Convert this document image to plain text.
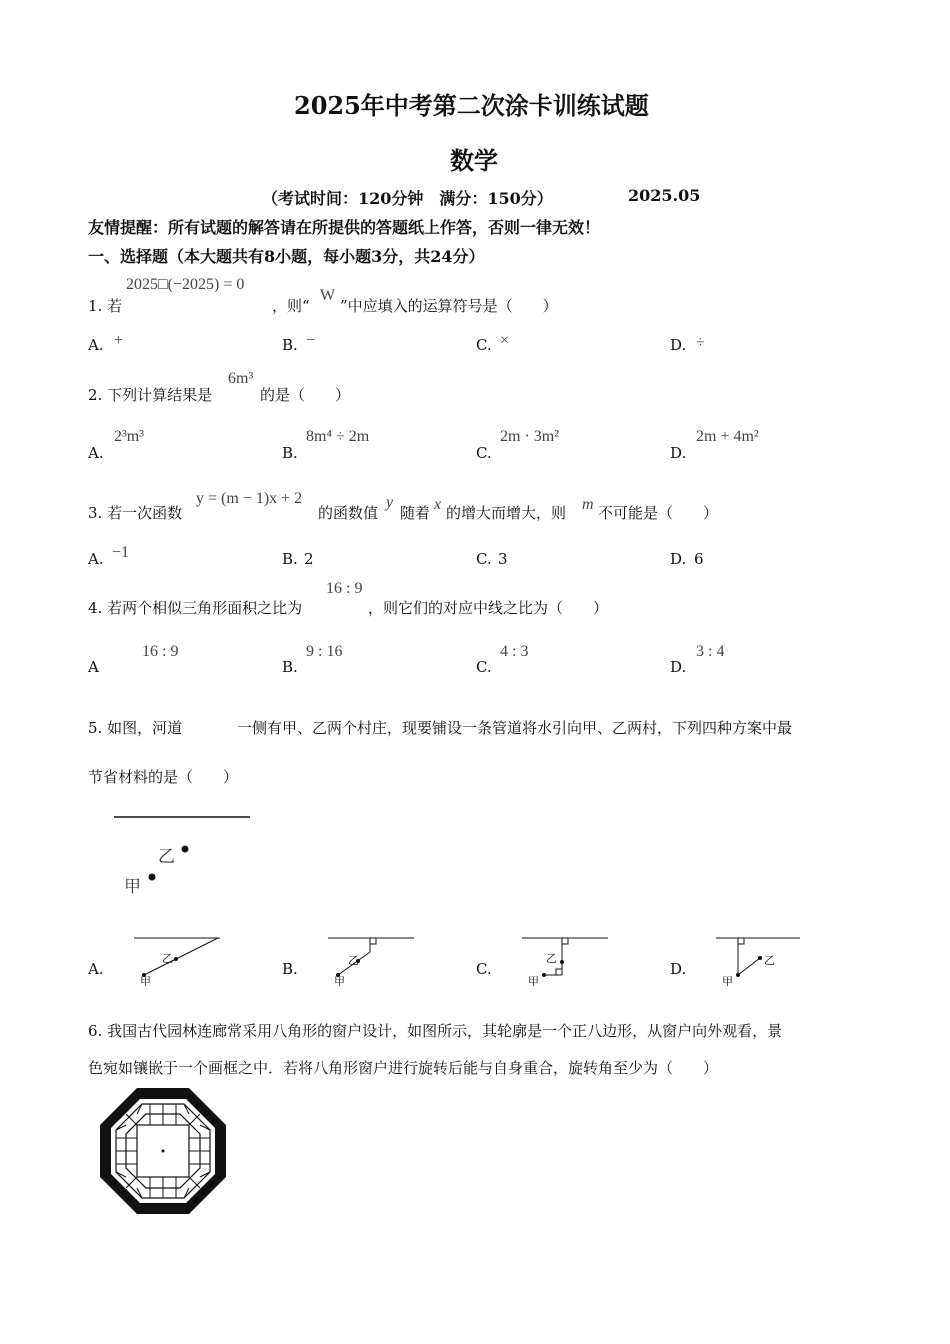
2025年中考第二次涂卡训练试题
数学
（考试时间：120分钟　满分：150分）	2025.05
友情提醒：所有试题的解答请在所提供的答题纸上作答，否则一律无效！
一、选择题（本大题共有8小题，每小题3分，共24分）
1. 若
2025□(−2025) = 0
，则“
W
”中应填入的运算符号是（　　）
A. +	B. −	C. ×	D. ÷
2. 下列计算结果是
6m³
的是（　　）
A.
2³m³
B.
8m⁴ ÷ 2m
C.
2m · 3m²
D.
2m + 4m²
3. 若一次函数
y = (m − 1)x + 2
的函数值
y
随着 x 的增大而增大，则 m 不可能是（　　）
A. −1	B. 2	C. 3	D. 6
4. 若两个相似三角形面积之比为
16 : 9
，则它们的对应中线之比为（　　）
A
16 : 9
B.
9 : 16
C.
4 : 3
D.
3 : 4
5. 如图，河道	一侧有甲、乙两个村庄，现要铺设一条管道将水引向甲、乙两村，下列四种方案中最
节省材料的是（　　）
乙
甲
A.
乙
甲
B.	乙
甲
C.
乙
甲
D.	乙
甲
6. 我国古代园林连廊常采用八角形的窗户设计，如图所示，其轮廓是一个正八边形，从窗户向外观看，景
色宛如镶嵌于一个画框之中．若将八角形窗户进行旋转后能与自身重合，旋转角至少为（　　）
